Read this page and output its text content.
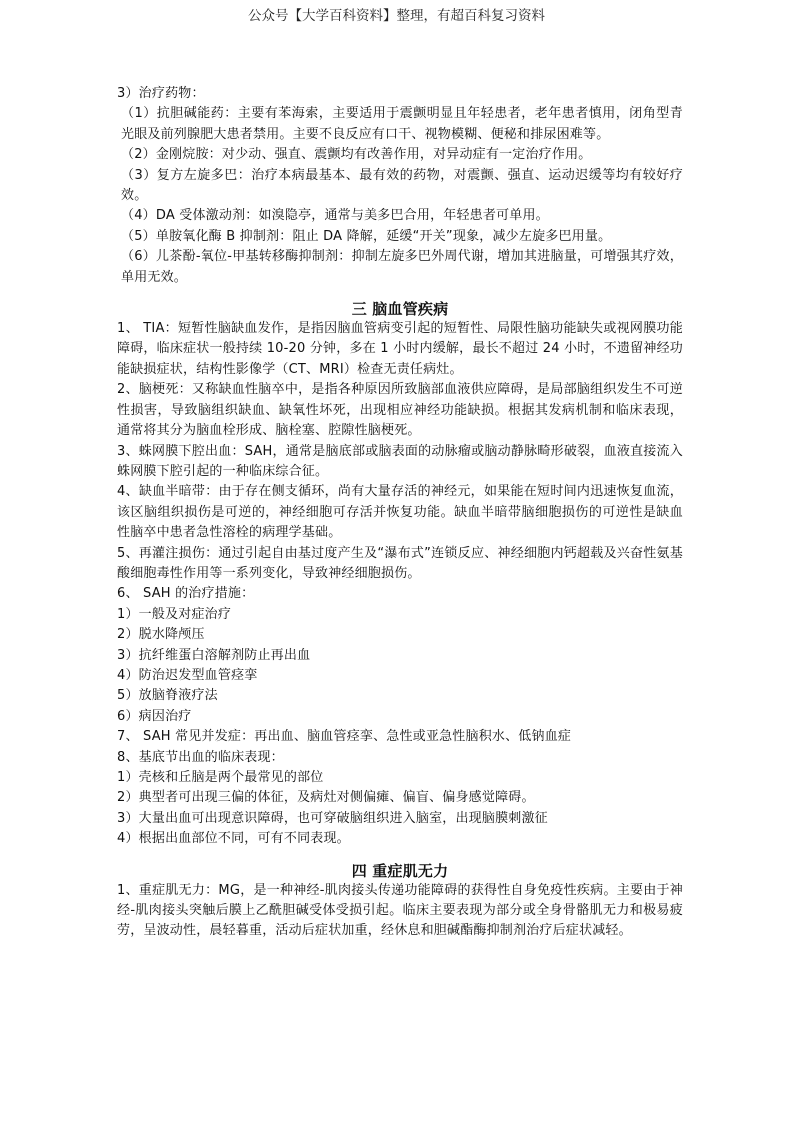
公众号【大学百科资料】整理，有超百科复习资料

3）治疗药物：

（1）抗胆碱能药：主要有苯海索，主要适用于震颤明显且年轻患者，老年患者慎用，闭角型青光眼及前列腺肥大患者禁用。主要不良反应有口干、视物模糊、便秘和排尿困难等。

（2）金刚烷胺：对少动、强直、震颤均有改善作用，对异动症有一定治疗作用。

（3）复方左旋多巴：治疗本病最基本、最有效的药物，对震颤、强直、运动迟缓等均有较好疗效。

（4）DA 受体激动剂：如溴隐亭，通常与美多巴合用，年轻患者可单用。

（5）单胺氧化酶 B 抑制剂：阻止 DA 降解，延缓“开关”现象，减少左旋多巴用量。

（6）儿茶酚-氧位-甲基转移酶抑制剂：抑制左旋多巴外周代谢，增加其进脑量，可增强其疗效，单用无效。

三 脑血管疾病

1、 TIA：短暂性脑缺血发作，是指因脑血管病变引起的短暂性、局限性脑功能缺失或视网膜功能障碍，临床症状一般持续 10-20 分钟，多在 1 小时内缓解，最长不超过 24 小时，不遗留神经功能缺损症状，结构性影像学（CT、MRI）检查无责任病灶。

2、脑梗死：又称缺血性脑卒中，是指各种原因所致脑部血液供应障碍，是局部脑组织发生不可逆性损害，导致脑组织缺血、缺氧性坏死，出现相应神经功能缺损。根据其发病机制和临床表现，通常将其分为脑血栓形成、脑栓塞、腔隙性脑梗死。

3、蛛网膜下腔出血：SAH，通常是脑底部或脑表面的动脉瘤或脑动静脉畸形破裂，血液直接流入蛛网膜下腔引起的一种临床综合征。

4、缺血半暗带：由于存在侧支循环，尚有大量存活的神经元，如果能在短时间内迅速恢复血流，该区脑组织损伤是可逆的，神经细胞可存活并恢复功能。缺血半暗带脑细胞损伤的可逆性是缺血性脑卒中患者急性溶栓的病理学基础。

5、再灌注损伤：通过引起自由基过度产生及“瀑布式”连锁反应、神经细胞内钙超载及兴奋性氨基酸细胞毒性作用等一系列变化，导致神经细胞损伤。

6、 SAH 的治疗措施：

1）一般及对症治疗

2）脱水降颅压

3）抗纤维蛋白溶解剂防止再出血

4）防治迟发型血管痉挛

5）放脑脊液疗法

6）病因治疗

7、 SAH 常见并发症：再出血、脑血管痉挛、急性或亚急性脑积水、低钠血症

8、基底节出血的临床表现：

1）壳核和丘脑是两个最常见的部位

2）典型者可出现三偏的体征，及病灶对侧偏瘫、偏盲、偏身感觉障碍。

3）大量出血可出现意识障碍，也可穿破脑组织进入脑室，出现脑膜刺激征

4）根据出血部位不同，可有不同表现。

四 重症肌无力

1、重症肌无力：MG，是一种神经-肌肉接头传递功能障碍的获得性自身免疫性疾病。主要由于神经-肌肉接头突触后膜上乙酰胆碱受体受损引起。临床主要表现为部分或全身骨骼肌无力和极易疲劳，呈波动性，晨轻暮重，活动后症状加重，经休息和胆碱酯酶抑制剂治疗后症状减轻。
